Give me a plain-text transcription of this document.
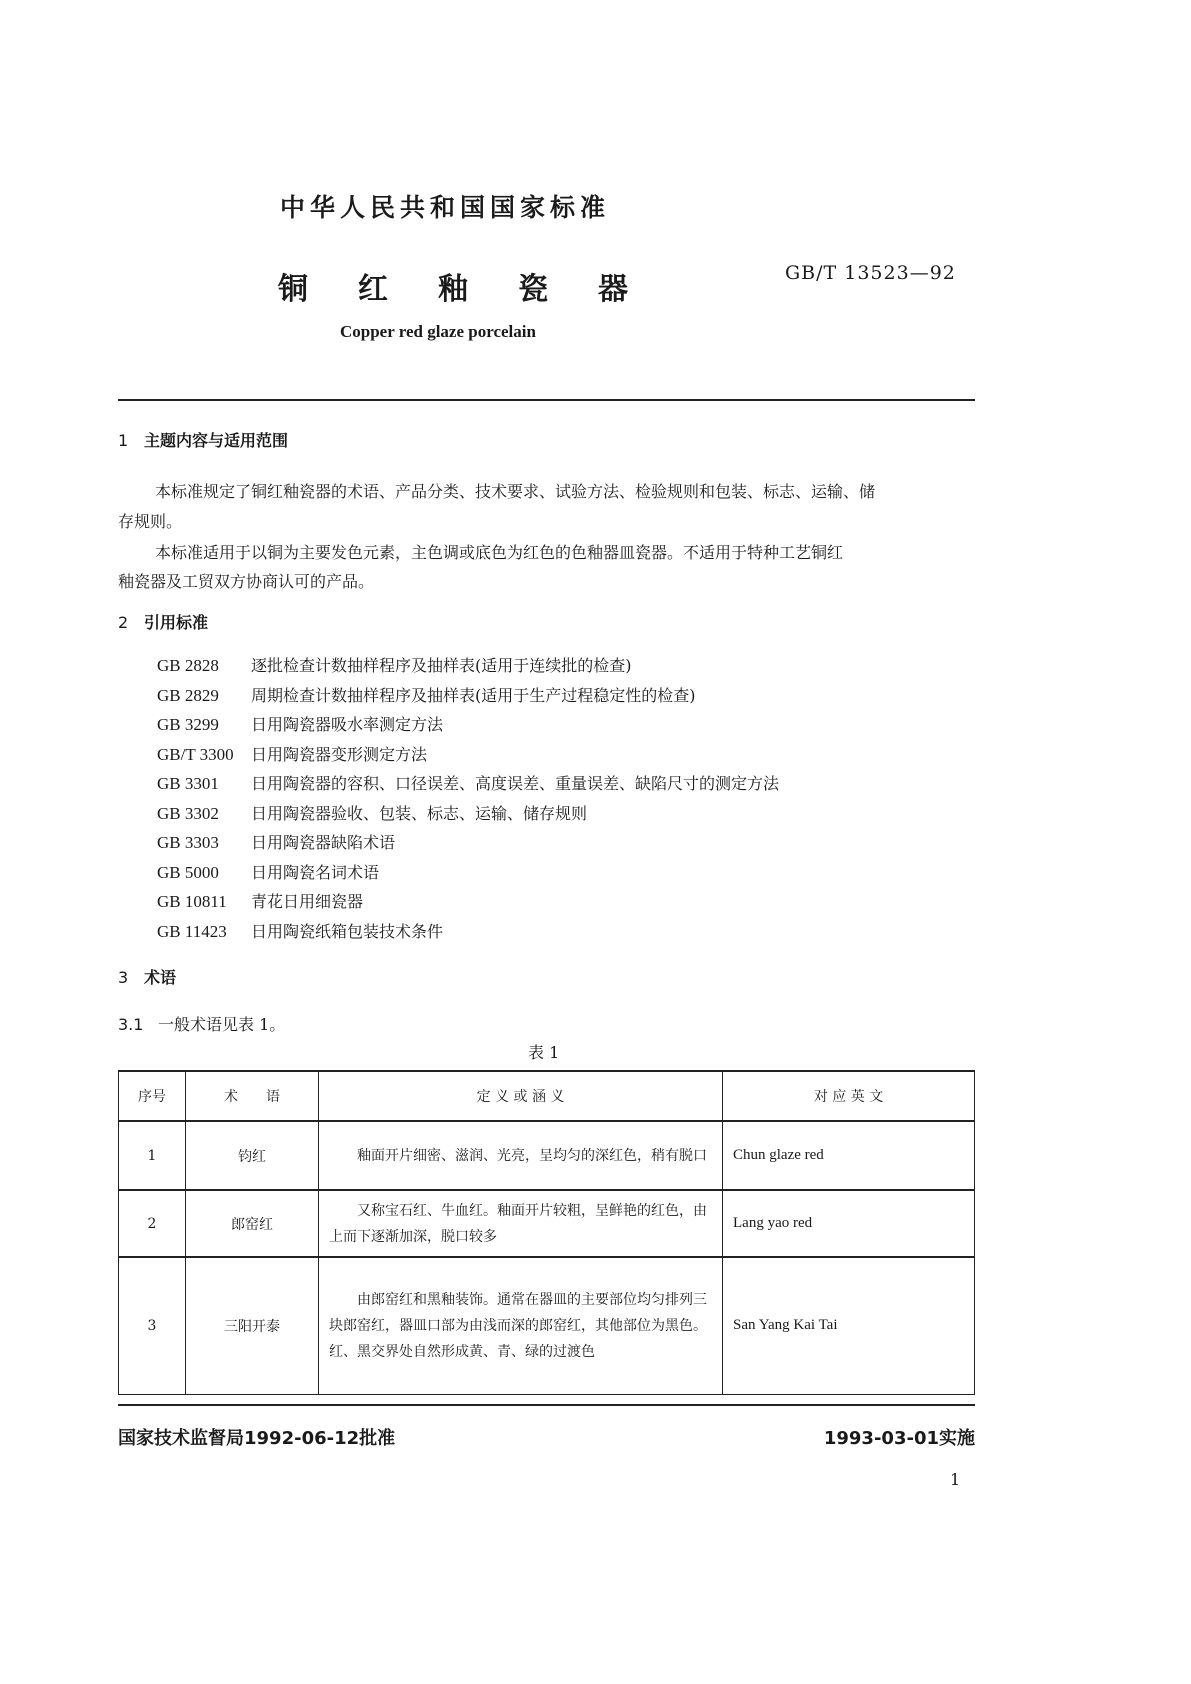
中华人民共和国国家标准
铜 红 釉 瓷 器	GB/T 13523—92
Copper red glaze porcelain
1 主题内容与适用范围
本标准规定了铜红釉瓷器的术语、产品分类、技术要求、试验方法、检验规则和包装、标志、运输、储
存规则。
本标准适用于以铜为主要发色元素，主色调或底色为红色的色釉器皿瓷器。不适用于特种工艺铜红
釉瓷器及工贸双方协商认可的产品。
2 引用标准
GB 2828 逐批检查计数抽样程序及抽样表(适用于连续批的检查)
GB 2829 周期检查计数抽样程序及抽样表(适用于生产过程稳定性的检查)
GB 3299 日用陶瓷器吸水率测定方法
GB/T 3300 日用陶瓷器变形测定方法
GB 3301 日用陶瓷器的容积、口径误差、高度误差、重量误差、缺陷尺寸的测定方法
GB 3302 日用陶瓷器验收、包装、标志、运输、储存规则
GB 3303 日用陶瓷器缺陷术语
GB 5000 日用陶瓷名词术语
GB 10811 青花日用细瓷器
GB 11423 日用陶瓷纸箱包装技术条件
3 术语
3.1 一般术语见表 1。
表 1
序号	术　　语	定 义 或 涵 义	对 应 英 文
1	钧红	釉面开片细密、滋润、光亮，呈均匀的深红色，稍有脱口	Chun glaze red
2	郎窑红	又称宝石红、牛血红。釉面开片较粗，呈鲜艳的红色，由上而下逐渐加深，脱口较多	Lang yao red
3	三阳开泰	由郎窑红和黑釉装饰。通常在器皿的主要部位均匀排列三块郎窑红，器皿口部为由浅而深的郎窑红，其他部位为黑色。红、黑交界处自然形成黄、青、绿的过渡色	San Yang Kai Tai
国家技术监督局1992-06-12批准	1993-03-01实施
1
